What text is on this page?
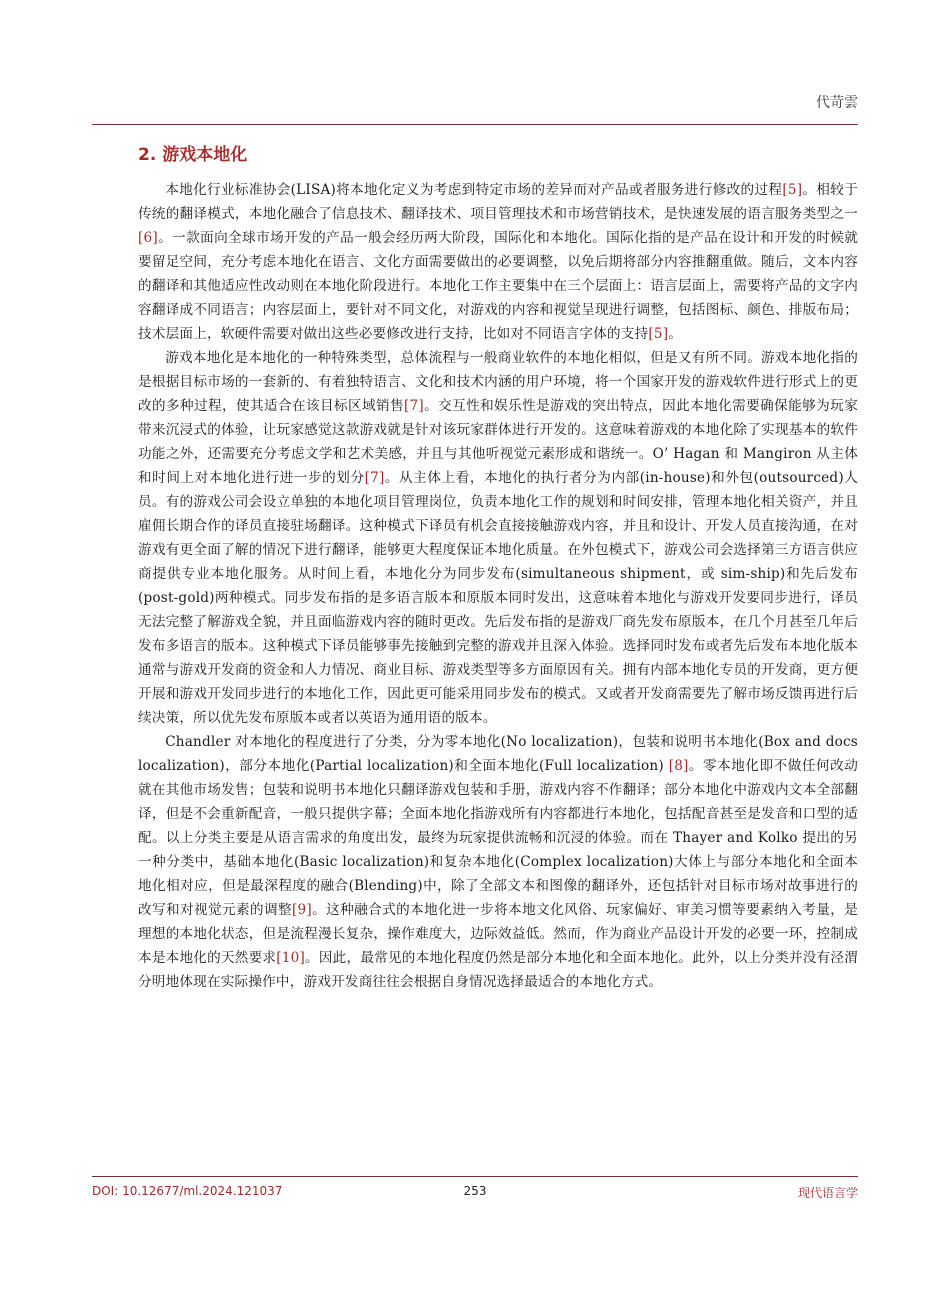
代苛雲
2. 游戏本地化

本地化行业标准协会(LISA)将本地化定义为考虑到特定市场的差异而对产品或者服务进行修改的过程[5]。相较于传统的翻译模式，本地化融合了信息技术、翻译技术、项目管理技术和市场营销技术，是快速发展的语言服务类型之一[6]。一款面向全球市场开发的产品一般会经历两大阶段，国际化和本地化。国际化指的是产品在设计和开发的时候就要留足空间，充分考虑本地化在语言、文化方面需要做出的必要调整，以免后期将部分内容推翻重做。随后，文本内容的翻译和其他适应性改动则在本地化阶段进行。本地化工作主要集中在三个层面上：语言层面上，需要将产品的文字内容翻译成不同语言；内容层面上，要针对不同文化，对游戏的内容和视觉呈现进行调整，包括图标、颜色、排版布局；技术层面上，软硬件需要对做出这些必要修改进行支持，比如对不同语言字体的支持[5]。

游戏本地化是本地化的一种特殊类型，总体流程与一般商业软件的本地化相似，但是又有所不同。游戏本地化指的是根据目标市场的一套新的、有着独特语言、文化和技术内涵的用户环境，将一个国家开发的游戏软件进行形式上的更改的多种过程，使其适合在该目标区域销售[7]。交互性和娱乐性是游戏的突出特点，因此本地化需要确保能够为玩家带来沉浸式的体验，让玩家感觉这款游戏就是针对该玩家群体进行开发的。这意味着游戏的本地化除了实现基本的软件功能之外，还需要充分考虑文学和艺术美感，并且与其他听视觉元素形成和谐统一。O’ Hagan 和 Mangiron 从主体和时间上对本地化进行进一步的划分[7]。从主体上看，本地化的执行者分为内部(in-house)和外包(outsourced)人员。有的游戏公司会设立单独的本地化项目管理岗位，负责本地化工作的规划和时间安排，管理本地化相关资产，并且雇佣长期合作的译员直接驻场翻译。这种模式下译员有机会直接接触游戏内容，并且和设计、开发人员直接沟通，在对游戏有更全面了解的情况下进行翻译，能够更大程度保证本地化质量。在外包模式下，游戏公司会选择第三方语言供应商提供专业本地化服务。从时间上看，本地化分为同步发布(simultaneous shipment，或 sim-ship)和先后发布(post-gold)两种模式。同步发布指的是多语言版本和原版本同时发出，这意味着本地化与游戏开发要同步进行，译员无法完整了解游戏全貌，并且面临游戏内容的随时更改。先后发布指的是游戏厂商先发布原版本，在几个月甚至几年后发布多语言的版本。这种模式下译员能够事先接触到完整的游戏并且深入体验。选择同时发布或者先后发布本地化版本通常与游戏开发商的资金和人力情况、商业目标、游戏类型等多方面原因有关。拥有内部本地化专员的开发商，更方便开展和游戏开发同步进行的本地化工作，因此更可能采用同步发布的模式。又或者开发商需要先了解市场反馈再进行后续决策，所以优先发布原版本或者以英语为通用语的版本。

Chandler 对本地化的程度进行了分类，分为零本地化(No localization)，包装和说明书本地化(Box and docs localization)，部分本地化(Partial localization)和全面本地化(Full localization) [8]。零本地化即不做任何改动就在其他市场发售；包装和说明书本地化只翻译游戏包装和手册，游戏内容不作翻译；部分本地化中游戏内文本全部翻译，但是不会重新配音，一般只提供字幕；全面本地化指游戏所有内容都进行本地化，包括配音甚至是发音和口型的适配。以上分类主要是从语言需求的角度出发，最终为玩家提供流畅和沉浸的体验。而在 Thayer and Kolko 提出的另一种分类中，基础本地化(Basic localization)和复杂本地化(Complex localization)大体上与部分本地化和全面本地化相对应，但是最深程度的融合(Blending)中，除了全部文本和图像的翻译外，还包括针对目标市场对故事进行的改写和对视觉元素的调整[9]。这种融合式的本地化进一步将本地文化风俗、玩家偏好、审美习惯等要素纳入考量，是理想的本地化状态，但是流程漫长复杂，操作难度大，边际效益低。然而，作为商业产品设计开发的必要一环，控制成本是本地化的天然要求[10]。因此，最常见的本地化程度仍然是部分本地化和全面本地化。此外，以上分类并没有泾渭分明地体现在实际操作中，游戏开发商往往会根据自身情况选择最适合的本地化方式。

DOI: 10.12677/ml.2024.121037	253	现代语言学
